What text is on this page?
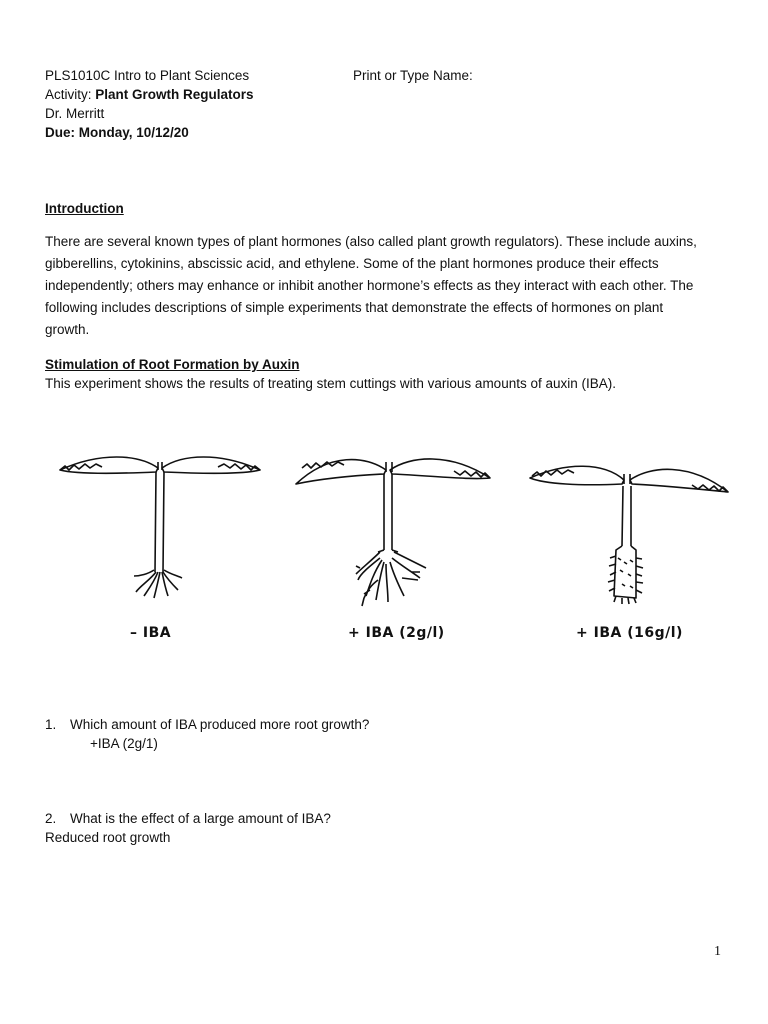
PLS1010C Intro to Plant Sciences	Print or Type Name:
Activity: Plant Growth Regulators
Dr. Merritt
Due: Monday, 10/12/20
Introduction
There are several known types of plant hormones (also called plant growth regulators). These include auxins,
gibberellins, cytokinins, abscissic acid, and ethylene. Some of the plant hormones produce their effects
independently; others may enhance or inhibit another hormone’s effects as they interact with each other. The
following includes descriptions of simple experiments that demonstrate the effects of hormones on plant
growth.
Stimulation of Root Formation by Auxin
This experiment shows the results of treating stem cuttings with various amounts of auxin (IBA).
– IBA	+ IBA (2g/l)	+ IBA (16g/l)
1. Which amount of IBA produced more root growth?
+IBA (2g/1)
2. What is the effect of a large amount of IBA?
Reduced root growth
1
